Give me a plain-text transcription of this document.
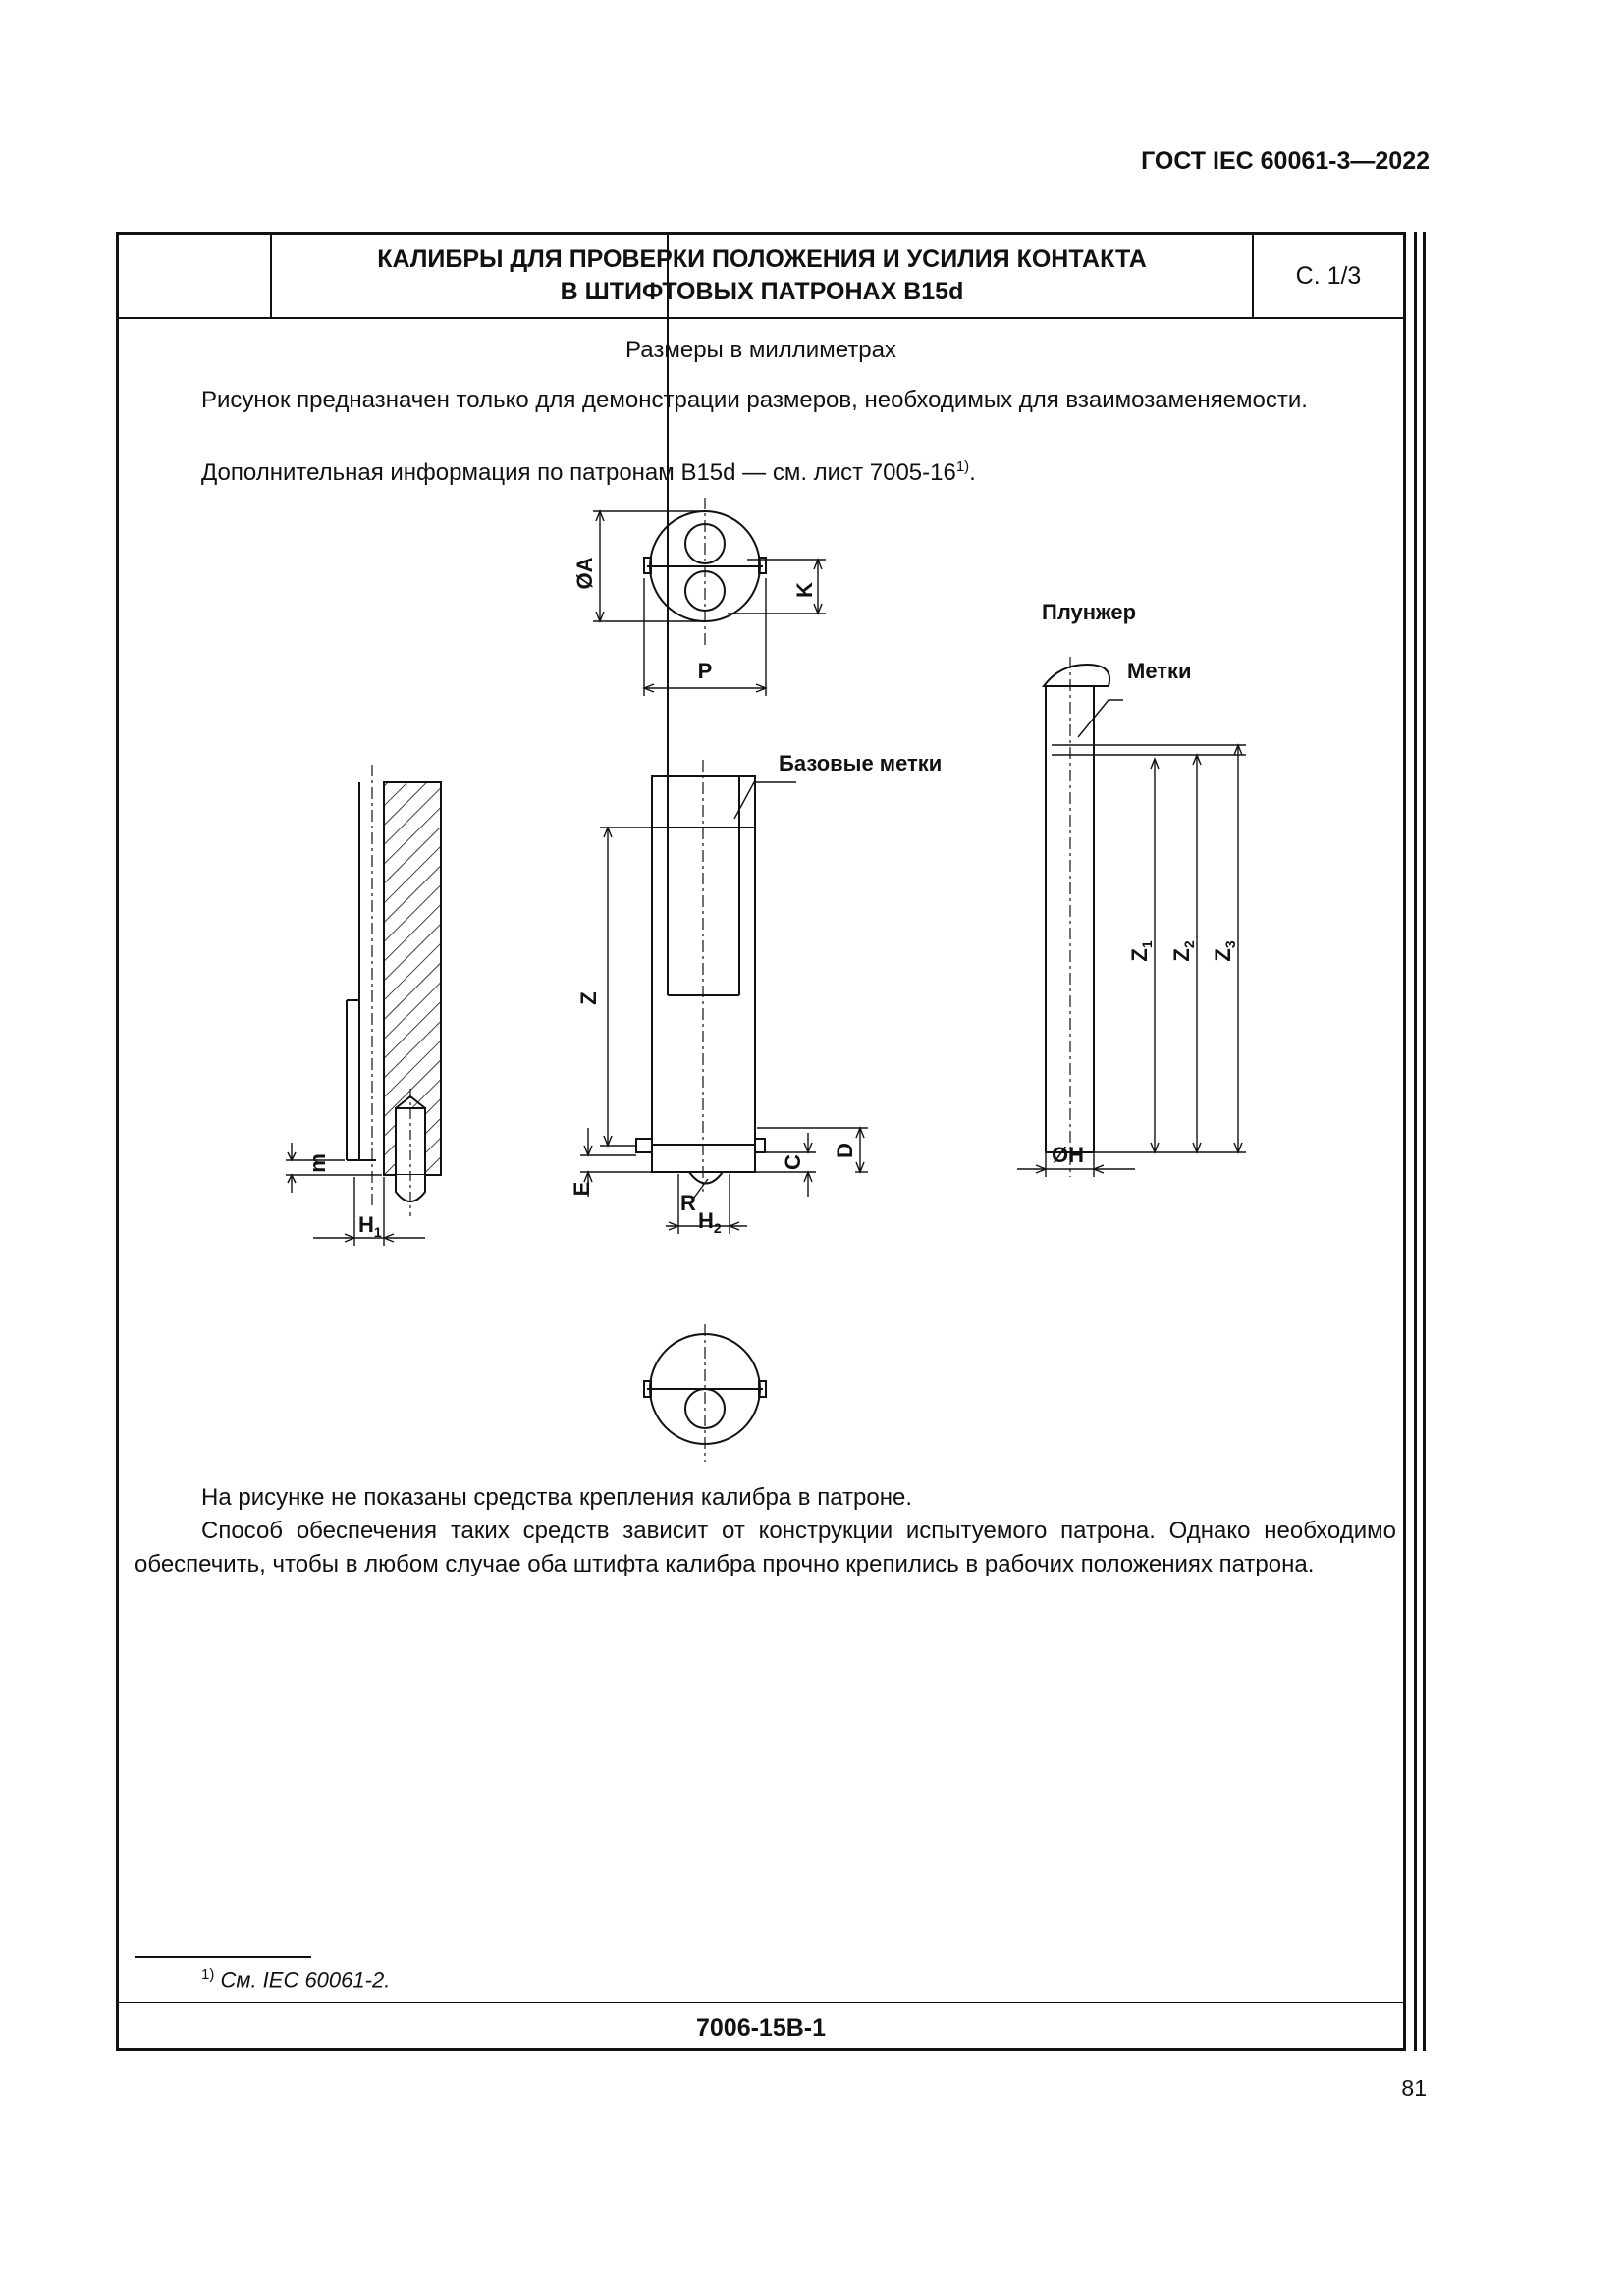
ГОСТ IEC 60061-3—2022
КАЛИБРЫ ДЛЯ ПРОВЕРКИ ПОЛОЖЕНИЯ И УСИЛИЯ КОНТАКТА
В ШТИФТОВЫХ ПАТРОНАХ В15d
С. 1/3
Размеры в миллиметрах
Рисунок предназначен только для демонстрации размеров, необходимых для взаимозаменяемости.
Дополнительная информация по патронам В15d — см. лист 7005-16$^{1)}$.
ØA
K
P
Плунжер
Метки
Базовые метки
Z
m
$H_1$
E
R
$H_2$
C
D	ØH
$Z_1$
$Z_2$
$Z_3$
На рисунке не показаны средства крепления калибра в патроне.
Способ обеспечения таких средств зависит от конструкции испытуемого патрона. Однако необходимо обеспечить, чтобы в любом случае оба штифта калибра прочно крепились в рабочих положениях патрона.
$^{1)}$ См. IEC 60061-2.
7006-15В-1
81
